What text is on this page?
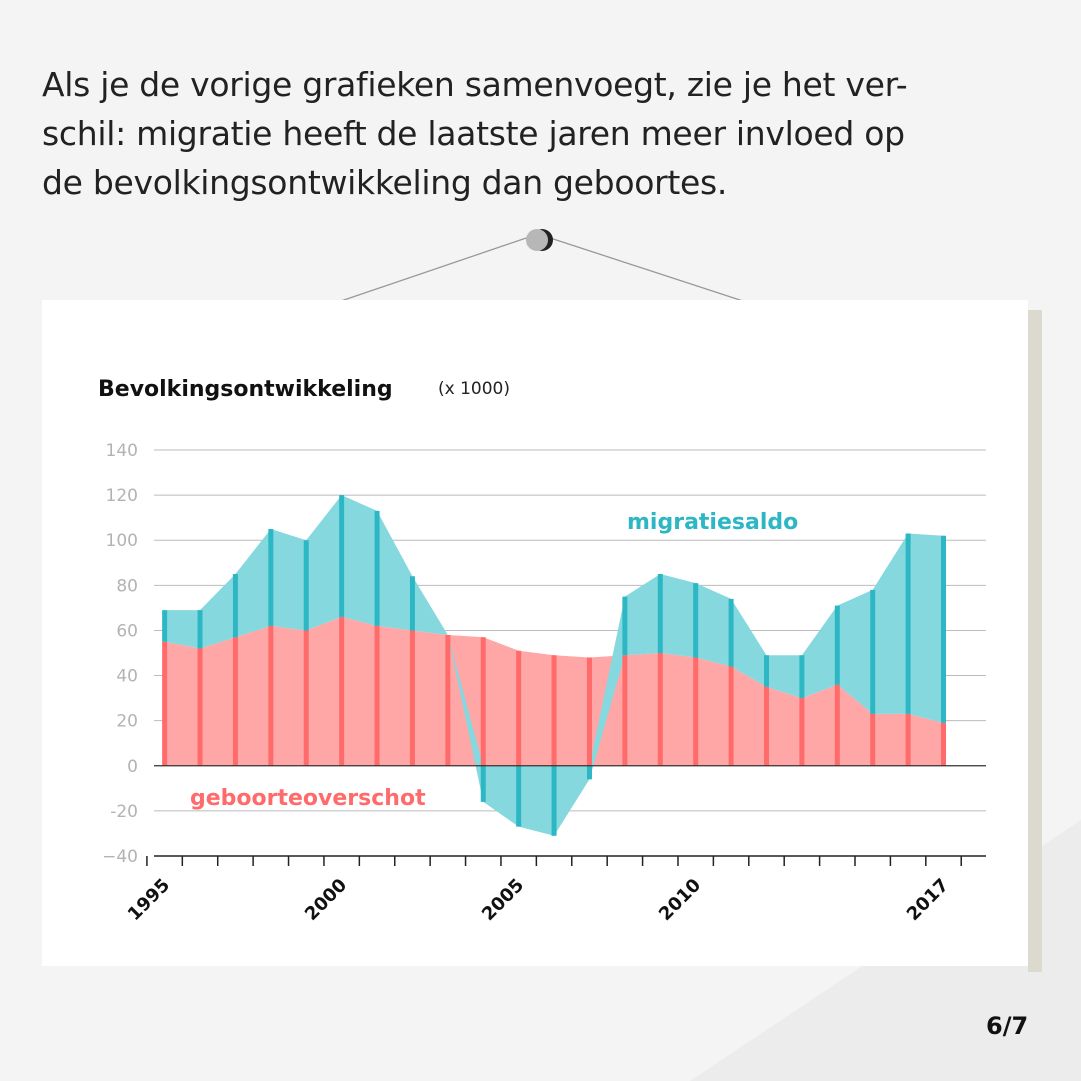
Als je de vorige grafieken samenvoegt, zie je het ver-
schil: migratie heeft de laatste jaren meer invloed op
de bevolkingsontwikkeling dan geboortes.
Bevolkingsontwikkeling	(x 1000)
140
120
100
80
60
40
20
0
-20
−40
1995	2000	2005	2010	2017
migratiesaldo
geboorteoverschot
6/7
